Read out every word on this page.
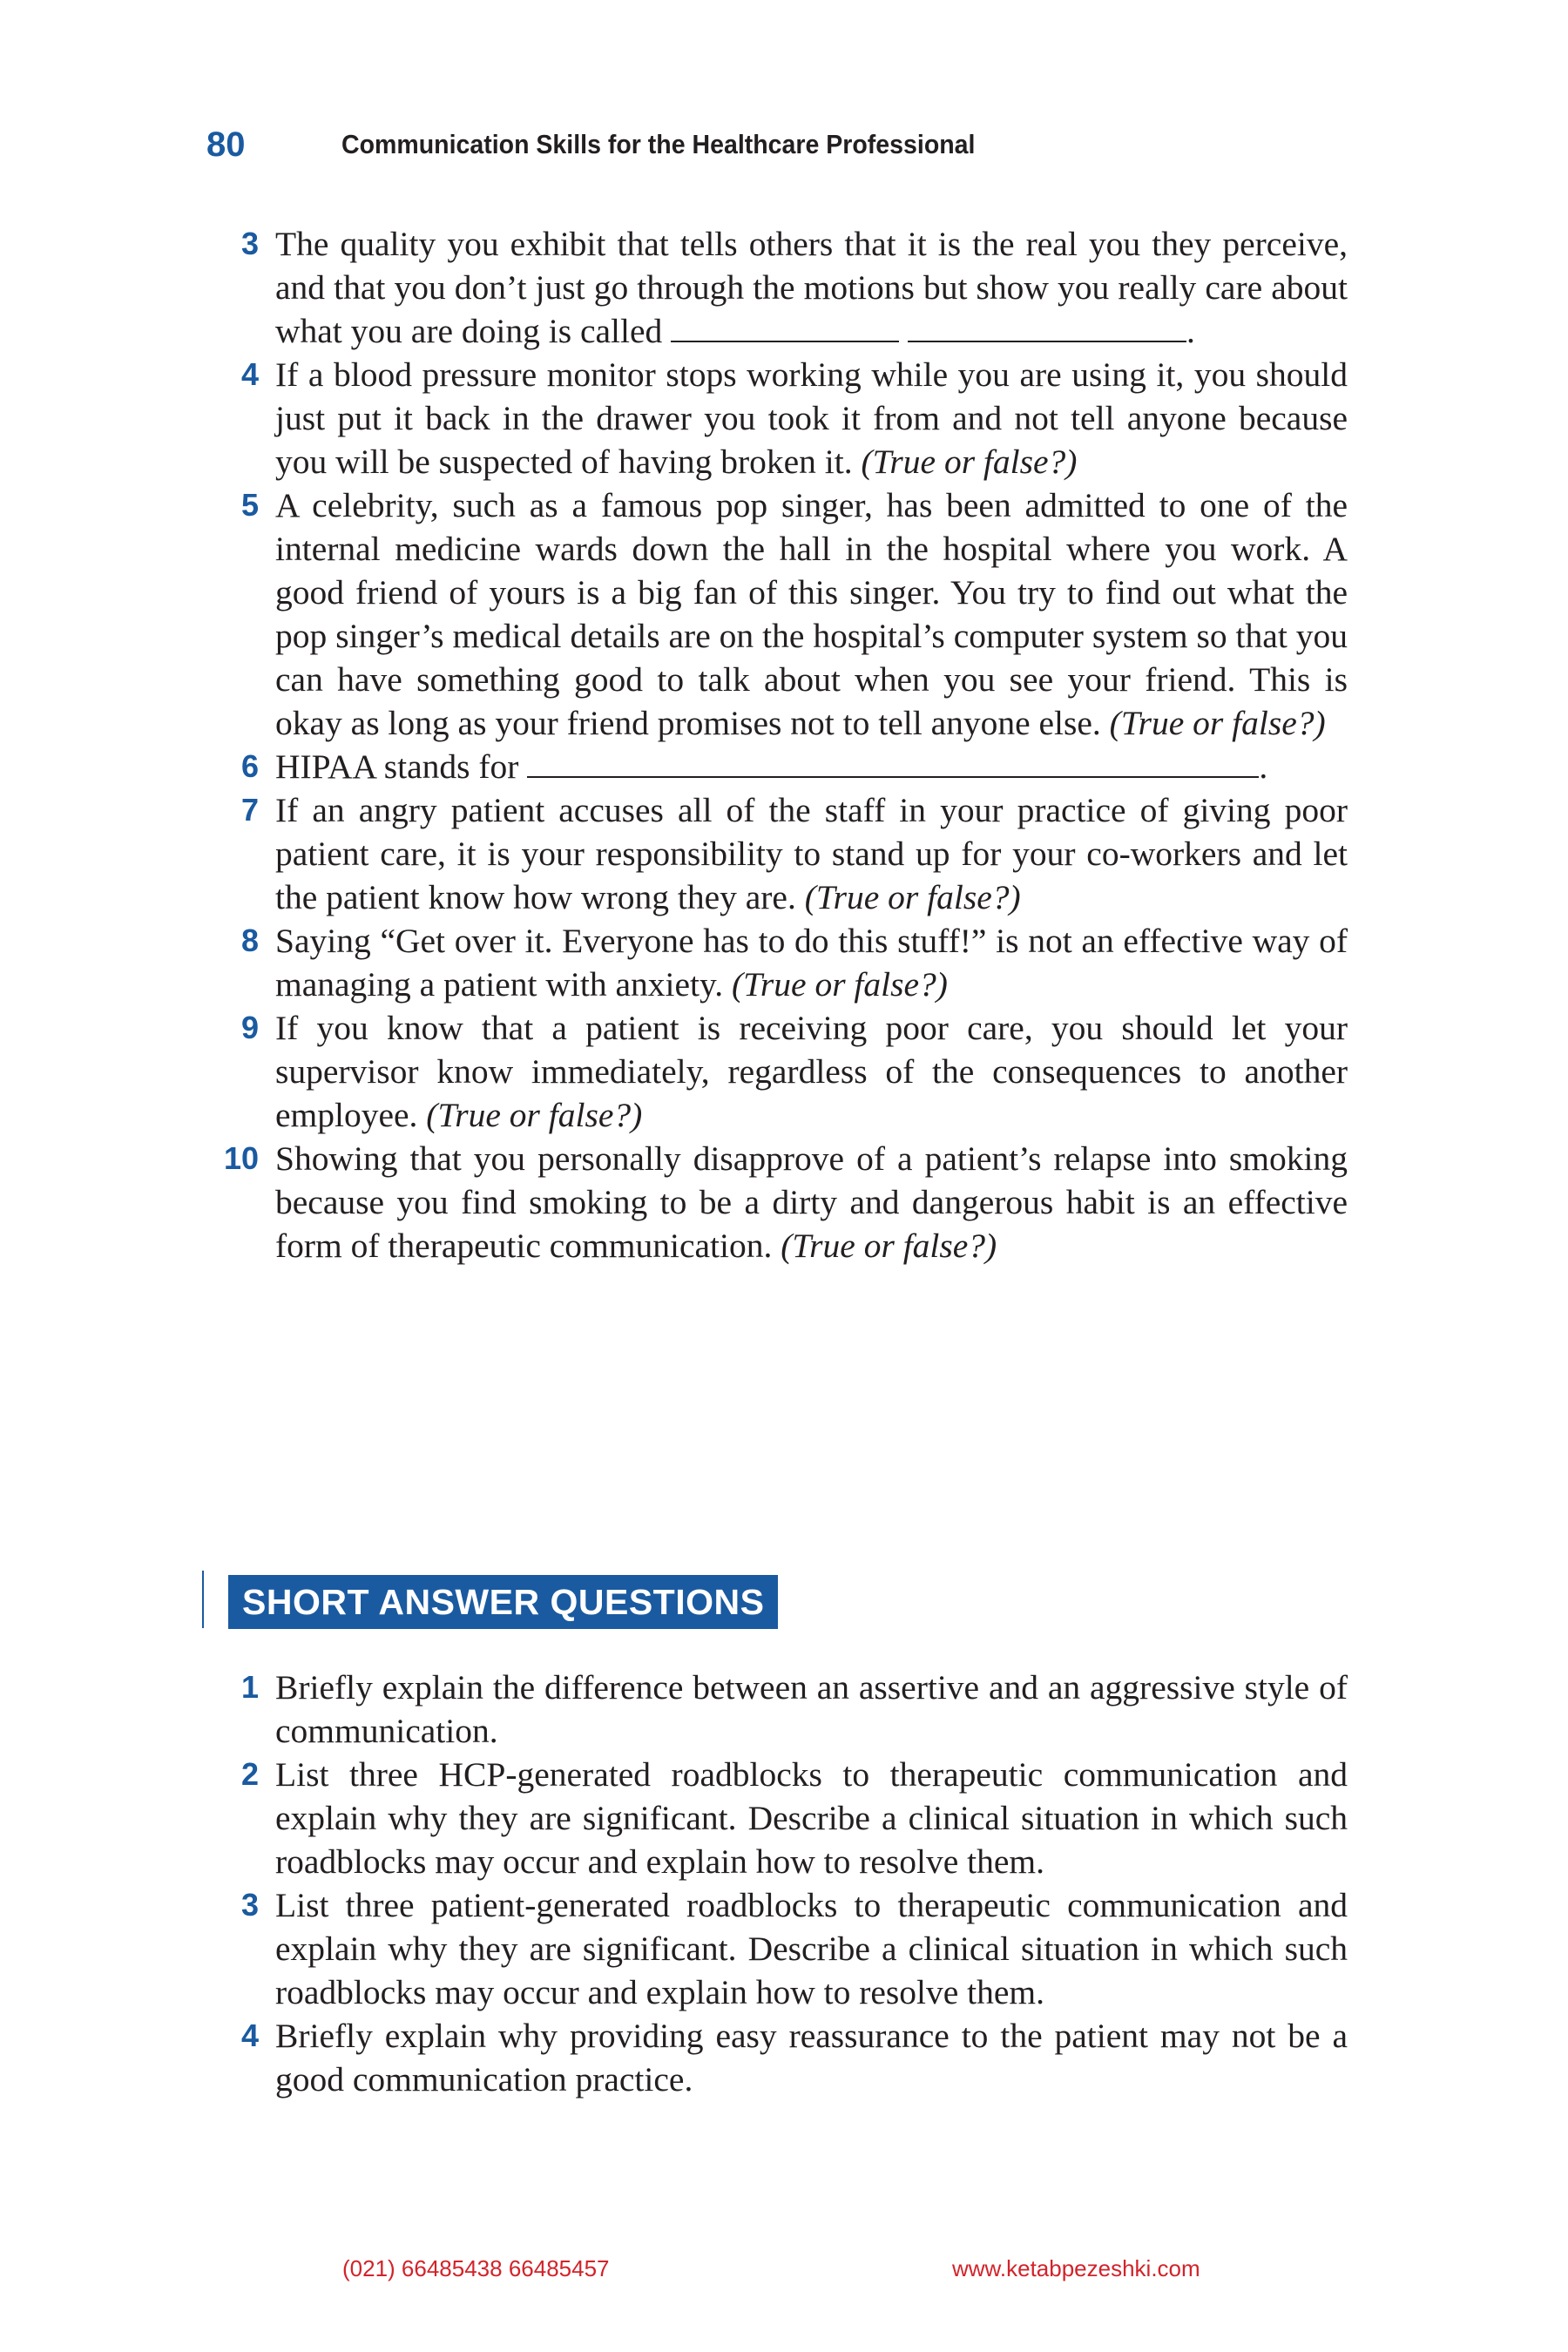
80	Communication Skills for the Healthcare Professional
3 The quality you exhibit that tells others that it is the real you they perceive, and that you don’t just go through the motions but show you really care about what you are doing is called	.
4 If a blood pressure monitor stops working while you are using it, you should just put it back in the drawer you took it from and not tell anyone because you will be suspected of having broken it. (True or false?)
5 A celebrity, such as a famous pop singer, has been admitted to one of the internal medicine wards down the hall in the hospital where you work. A good friend of yours is a big fan of this singer. You try to find out what the pop singer’s medical details are on the hospital’s computer system so that you can have something good to talk about when you see your friend. This is okay as long as your friend promises not to tell anyone else. (True or false?)
6 HIPAA stands for	.
7 If an angry patient accuses all of the staff in your practice of giving poor patient care, it is your responsibility to stand up for your co-workers and let the patient know how wrong they are. (True or false?)
8 Saying “Get over it. Everyone has to do this stuff!” is not an effective way of managing a patient with anxiety. (True or false?)
9 If you know that a patient is receiving poor care, you should let your supervisor know immediately, regardless of the consequences to another employee. (True or false?)
10 Showing that you personally disapprove of a patient’s relapse into smoking because you find smoking to be a dirty and dangerous habit is an effective form of therapeutic communication. (True or false?)
SHORT ANSWER QUESTIONS
1 Briefly explain the difference between an assertive and an aggressive style of communication.
2 List three HCP-generated roadblocks to therapeutic communication and explain why they are significant. Describe a clinical situation in which such roadblocks may occur and explain how to resolve them.
3 List three patient-generated roadblocks to therapeutic communication and explain why they are significant. Describe a clinical situation in which such roadblocks may occur and explain how to resolve them.
4 Briefly explain why providing easy reassurance to the patient may not be a good communication practice.
(021) 66485438 66485457	www.ketabpezeshki.com
